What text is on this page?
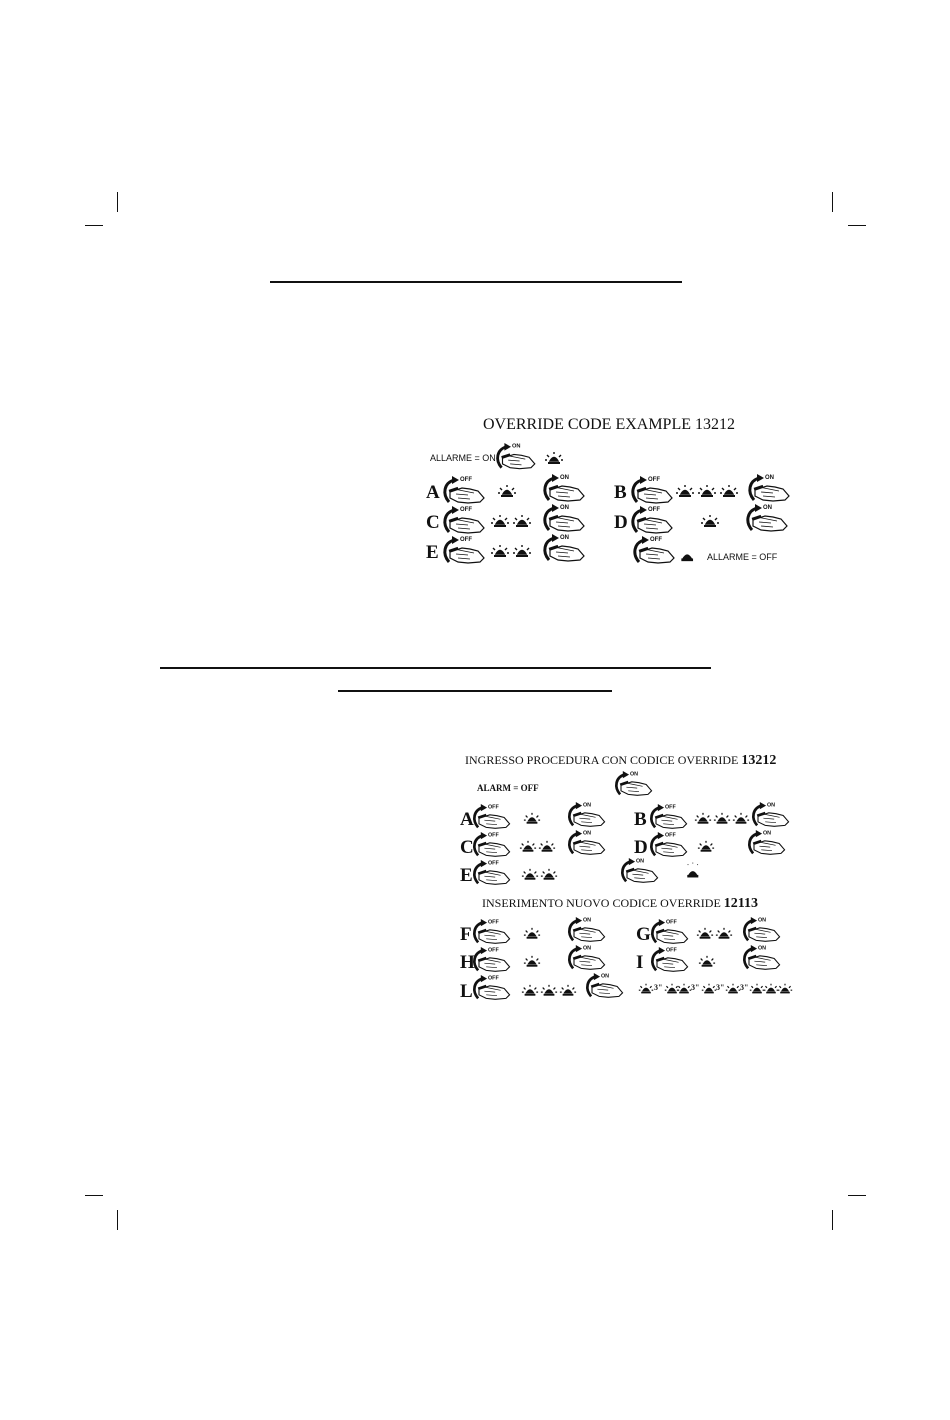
OVERRIDE CODE EXAMPLE 13212
ALLARME = ON
ALLARME = OFF
A	B
C	D
E
ON
OFF	ON	OFF	ON
OFF	ON	OFF	ON
OFF	ON	OFF
INGRESSO PROCEDURA CON CODICE OVERRIDE 13212
ALARM = OFF
A	B
C	D
E
INSERIMENTO NUOVO CODICE OVERRIDE 12113
F	G
H	I
L	3"	3" 3" 3"
ON
OFF	ON	OFF	ON
OFF	ON	OFF	ON
OFF	ON
OFF	ON	OFF	ON
OFF	ON	OFF	ON
OFF	ON
